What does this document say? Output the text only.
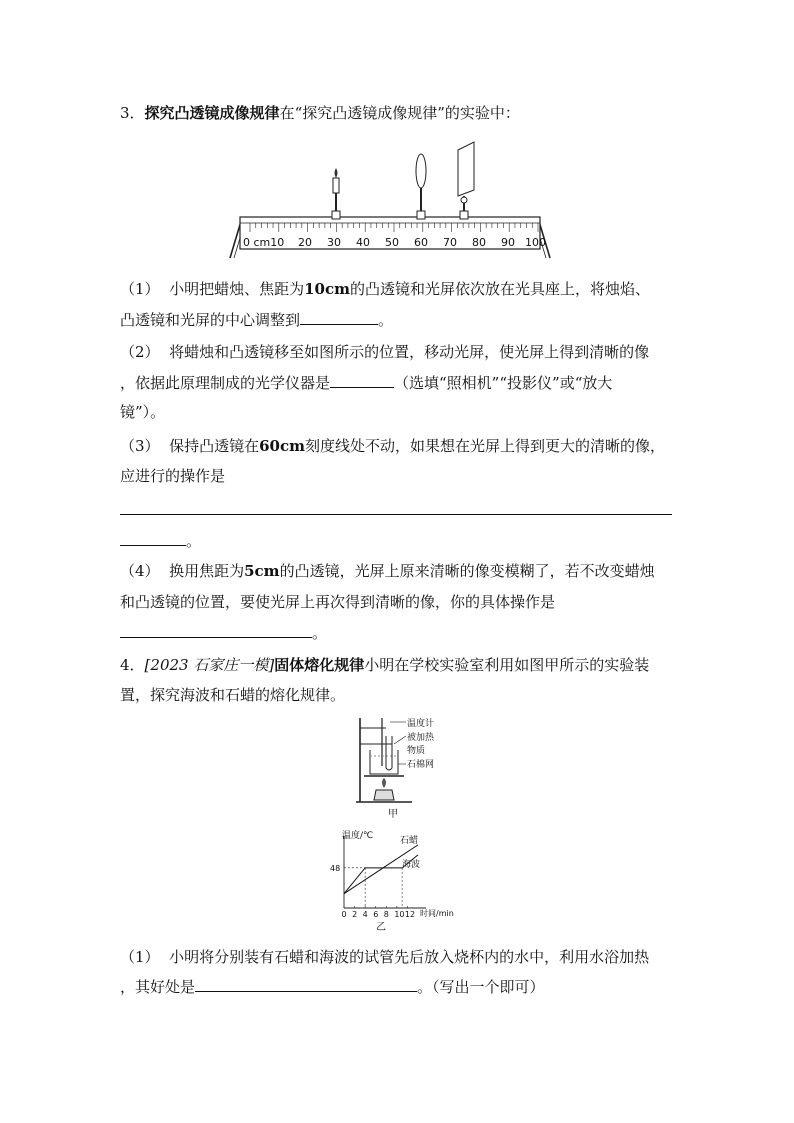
3．探究凸透镜成像规律在“探究凸透镜成像规律”的实验中：
0 cm10 20 30 40 50 60 70 80 90 100
（1） 小明把蜡烛、焦距为10cm的凸透镜和光屏依次放在光具座上，将烛焰、
凸透镜和光屏的中心调整到	。
（2） 将蜡烛和凸透镜移至如图所示的位置，移动光屏，使光屏上得到清晰的像
，依据此原理制成的光学仪器是	（选填“照相机”“投影仪”或“放大
镜”）。
（3） 保持凸透镜在60cm刻度线处不动，如果想在光屏上得到更大的清晰的像，
应进行的操作是
。
（4） 换用焦距为5cm的凸透镜，光屏上原来清晰的像变模糊了，若不改变蜡烛
和凸透镜的位置，要使光屏上再次得到清晰的像，你的具体操作是
。
4．[2023 石家庄一模]固体熔化规律小明在学校实验室利用如图甲所示的实验装
置，探究海波和石蜡的熔化规律。
温度计
被加热
物质
石棉网
甲
0 2 4 6 8 10 12
48
石蜡
海波
温度/℃
时间/min
乙
（1） 小明将分别装有石蜡和海波的试管先后放入烧杯内的水中，利用水浴加热
，其好处是	。（写出一个即可）
